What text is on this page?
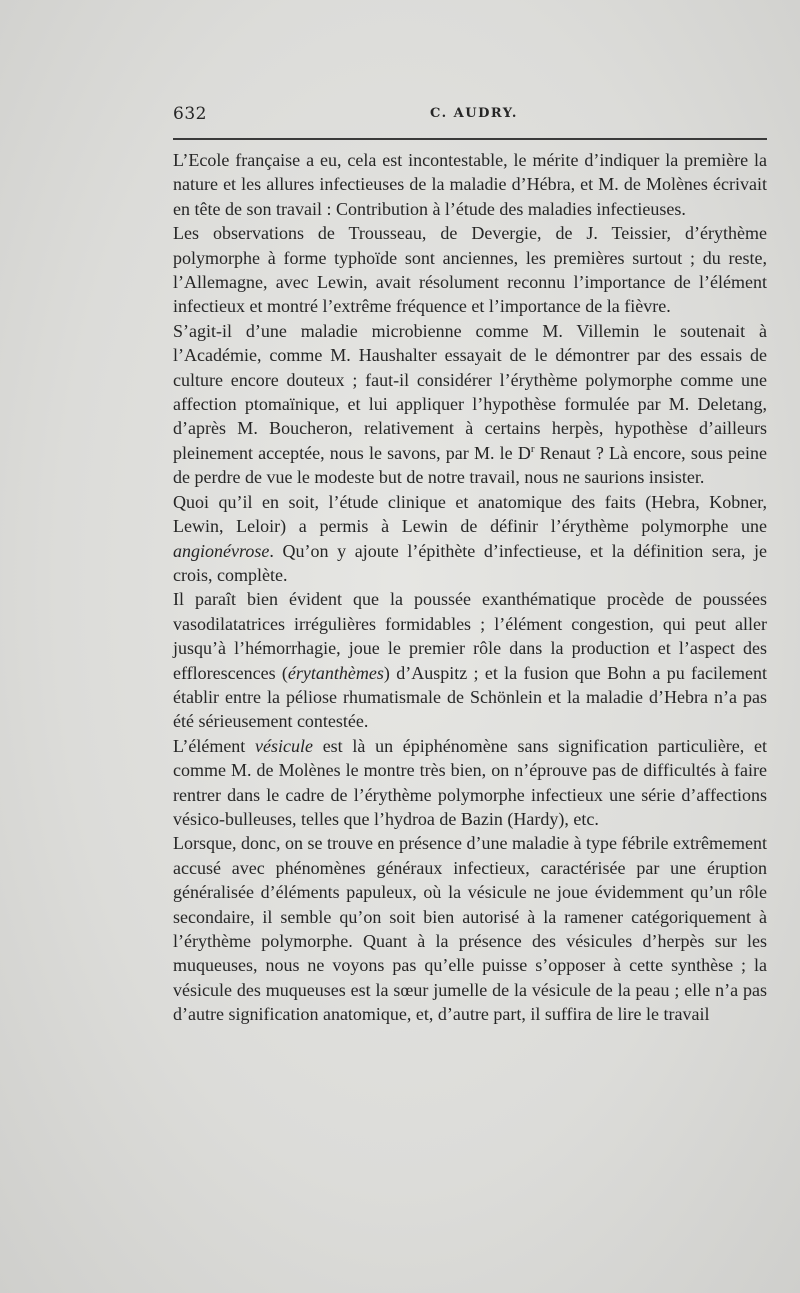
632	C. AUDRY.

L’Ecole française a eu, cela est incontestable, le mérite d’indiquer la première la nature et les allures infectieuses de la maladie d’Hébra, et M. de Molènes écrivait en tête de son travail : Contribution à l’étude des maladies infectieuses.

Les observations de Trousseau, de Devergie, de J. Teissier, d’érythème polymorphe à forme typhoïde sont anciennes, les premières surtout ; du reste, l’Allemagne, avec Lewin, avait résolument reconnu l’importance de l’élément infectieux et montré l’extrême fréquence et l’importance de la fièvre.

S’agit-il d’une maladie microbienne comme M. Villemin le soutenait à l’Académie, comme M. Haushalter essayait de le démontrer par des essais de culture encore douteux ; faut-il considérer l’érythème polymorphe comme une affection ptomaïnique, et lui appliquer l’hypothèse formulée par M. Deletang, d’après M. Boucheron, relativement à certains herpès, hypothèse d’ailleurs pleinement acceptée, nous le savons, par M. le $D^r$ Renaut ? Là encore, sous peine de perdre de vue le modeste but de notre travail, nous ne saurions insister.

Quoi qu’il en soit, l’étude clinique et anatomique des faits (Hebra, Kobner, Lewin, Leloir) a permis à Lewin de définir l’érythème polymorphe une angionévrose. Qu’on y ajoute l’épithète d’infectieuse, et la définition sera, je crois, complète.

Il paraît bien évident que la poussée exanthématique procède de poussées vasodilatatrices irrégulières formidables ; l’élément congestion, qui peut aller jusqu’à l’hémorrhagie, joue le premier rôle dans la production et l’aspect des efflorescences (érytanthèmes) d’Auspitz ; et la fusion que Bohn a pu facilement établir entre la péliose rhumatismale de Schönlein et la maladie d’Hebra n’a pas été sérieusement contestée.

L’élément vésicule est là un épiphénomène sans signification particulière, et comme M. de Molènes le montre très bien, on n’éprouve pas de difficultés à faire rentrer dans le cadre de l’érythème polymorphe infectieux une série d’affections vésico-bulleuses, telles que l’hydroa de Bazin (Hardy), etc.

Lorsque, donc, on se trouve en présence d’une maladie à type fébrile extrêmement accusé avec phénomènes généraux infectieux, caractérisée par une éruption généralisée d’éléments papuleux, où la vésicule ne joue évidemment qu’un rôle secondaire, il semble qu’on soit bien autorisé à la ramener catégoriquement à l’érythème polymorphe. Quant à la présence des vésicules d’herpès sur les muqueuses, nous ne voyons pas qu’elle puisse s’opposer à cette synthèse ; la vésicule des muqueuses est la sœur jumelle de la vésicule de la peau ; elle n’a pas d’autre signification anatomique, et, d’autre part, il suffira de lire le travail
